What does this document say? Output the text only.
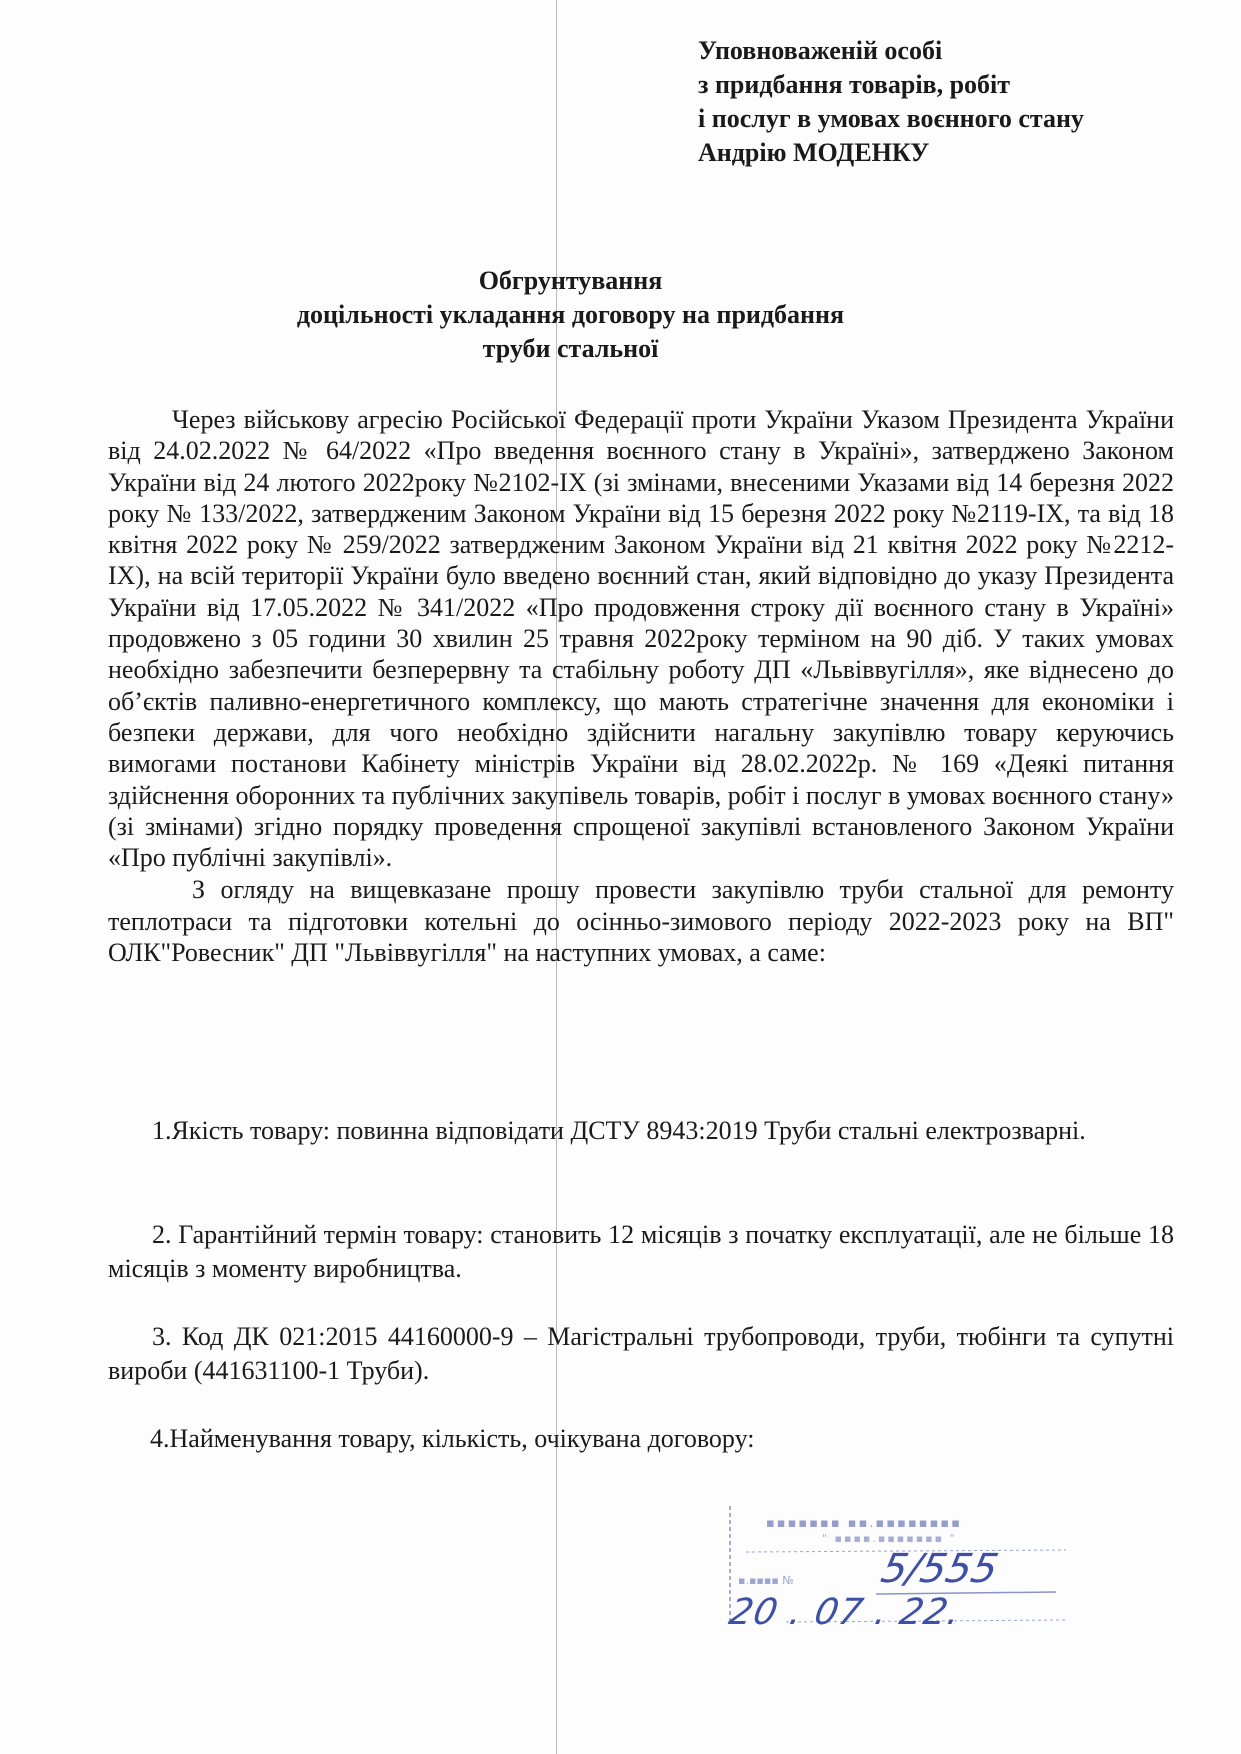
Уповноваженій особі
з придбання товарів, робіт
і послуг в умовах воєнного стану
Андрію МОДЕНКУ
Обгрунтування
доцільності укладання договору на придбання
труби стальної

Через військову агресію Російської Федерації проти України Указом Президента України від 24.02.2022 № 64/2022 «Про введення воєнного стану в Україні», затверджено Законом України від 24 лютого 2022року №2102-IX (зі змінами, внесеними Указами від 14 березня 2022 року № 133/2022, затвердженим Законом України від 15 березня 2022 року №2119-IX, та від 18 квітня 2022 року № 259/2022 затвердженим Законом України від 21 квітня 2022 року №2212-IX), на всій території України було введено воєнний стан, який відповідно до указу Президента України від 17.05.2022 № 341/2022 «Про продовження строку дії воєнного стану в Україні» продовжено з 05 години 30 хвилин 25 травня 2022року терміном на 90 діб. У таких умовах необхідно забезпечити безперервну та стабільну роботу ДП «Львіввугілля», яке віднесено до об’єктів паливно-енергетичного комплексу, що мають стратегічне значення для економіки і безпеки держави, для чого необхідно здійснити нагальну закупівлю товару керуючись вимогами постанови Кабінету міністрів України від 28.02.2022р. № 169 «Деякі питання здійснення оборонних та публічних закупівель товарів, робіт і послуг в умовах воєнного стану» (зі змінами) згідно порядку проведення спрощеної закупівлі встановленого Законом України «Про публічні закупівлі».

З огляду на вищевказане прошу провести закупівлю труби стальної для ремонту теплотраси та підготовки котельні до осінньо-зимового періоду 2022-2023 року на ВП" ОЛК"Ровесник" ДП "Львіввугілля" на наступних умовах, а саме:

1.Якість товару: повинна відповідати ДСТУ 8943:2019 Труби стальні електрозварні.

2. Гарантійний термін товару: становить 12 місяців з початку експлуатації, але не більше 18 місяців з моменту виробництва.

3. Код ДК 021:2015 44160000-9 – Магістральні трубопроводи, труби, тюбінги та супутні вироби (441631100-1 Труби).

4.Найменування товару, кількість, очікувана договору:

▪▪▪▪▪▪▪ ▪▪.▪▪▪▪▪▪▪▪
" ▪▪▪▪.▪▪▪▪▪▪▪ "
▪.▪▪▪▪ № 5/555
20 . 07 . 22.
